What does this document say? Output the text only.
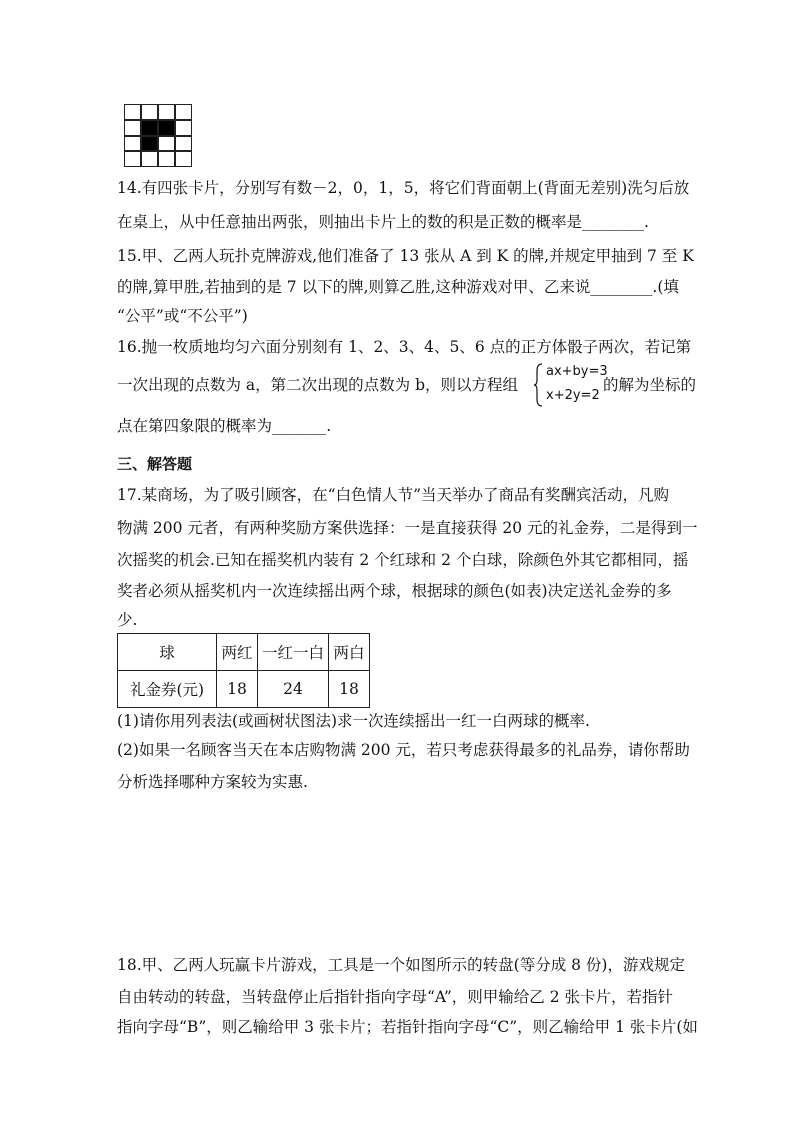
14.有四张卡片，分别写有数－2，0，1，5，将它们背面朝上(背面无差别)洗匀后放
在桌上，从中任意抽出两张，则抽出卡片上的数的积是正数的概率是________.
15.甲、乙两人玩扑克牌游戏,他们准备了 13 张从 A 到 K 的牌,并规定甲抽到 7 至 K
的牌,算甲胜,若抽到的是 7 以下的牌,则算乙胜,这种游戏对甲、乙来说________.(填
“公平”或“不公平”)
16.抛一枚质地均匀六面分别刻有 1、2、3、4、5、6 点的正方体骰子两次，若记第
一次出现的点数为 a，第二次出现的点数为 b，则以方程组
ax+by=3
x+2y=2
的解为坐标的
点在第四象限的概率为_______.
三、解答题
17.某商场，为了吸引顾客，在“白色情人节”当天举办了商品有奖酬宾活动，凡购
物满 200 元者，有两种奖励方案供选择：一是直接获得 20 元的礼金券，二是得到一
次摇奖的机会.已知在摇奖机内装有 2 个红球和 2 个白球，除颜色外其它都相同，摇
奖者必须从摇奖机内一次连续摇出两个球，根据球的颜色(如表)决定送礼金券的多
少.
球	两红	一红一白	两白
礼金券(元)	18	24	18
(1)请你用列表法(或画树状图法)求一次连续摇出一红一白两球的概率.
(2)如果一名顾客当天在本店购物满 200 元，若只考虑获得最多的礼品券，请你帮助
分析选择哪种方案较为实惠.
18.甲、乙两人玩赢卡片游戏，工具是一个如图所示的转盘(等分成 8 份)，游戏规定
自由转动的转盘，当转盘停止后指针指向字母“A”，则甲输给乙 2 张卡片，若指针
指向字母“B”，则乙输给甲 3 张卡片；若指针指向字母“C”，则乙输给甲 1 张卡片(如
